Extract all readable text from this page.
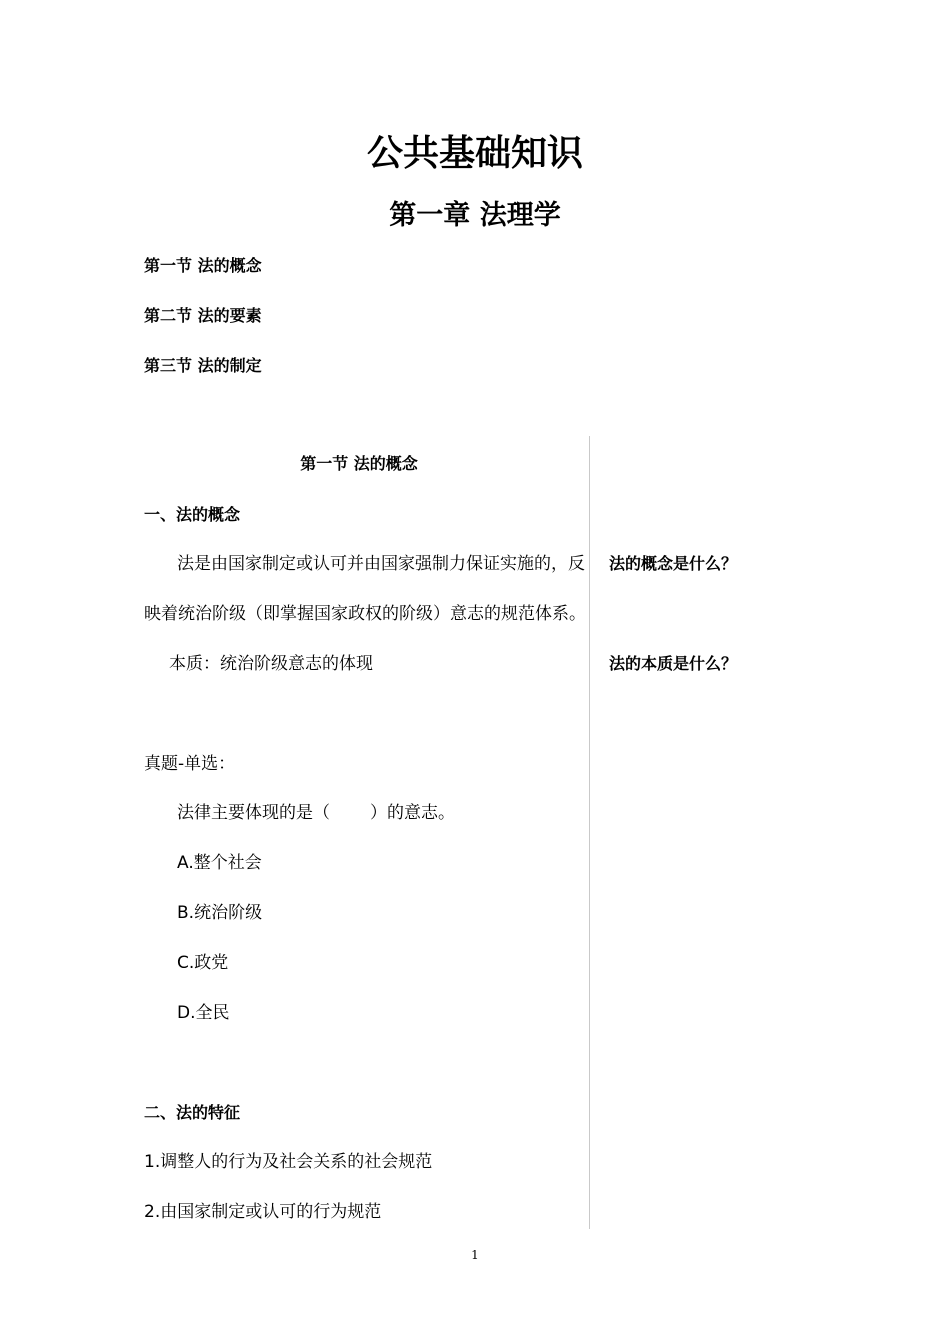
公共基础知识
第一章 法理学
第一节 法的概念
第二节 法的要素
第三节 法的制定
第一节 法的概念
一、法的概念
法是由国家制定或认可并由国家强制力保证实施的，反
映着统治阶级（即掌握国家政权的阶级）意志的规范体系。
本质：统治阶级意志的体现
法的概念是什么？
法的本质是什么？
真题-单选：
法律主要体现的是（ ）的意志。
A.整个社会
B.统治阶级
C.政党
D.全民
二、法的特征
1.调整人的行为及社会关系的社会规范
2.由国家制定或认可的行为规范
1
